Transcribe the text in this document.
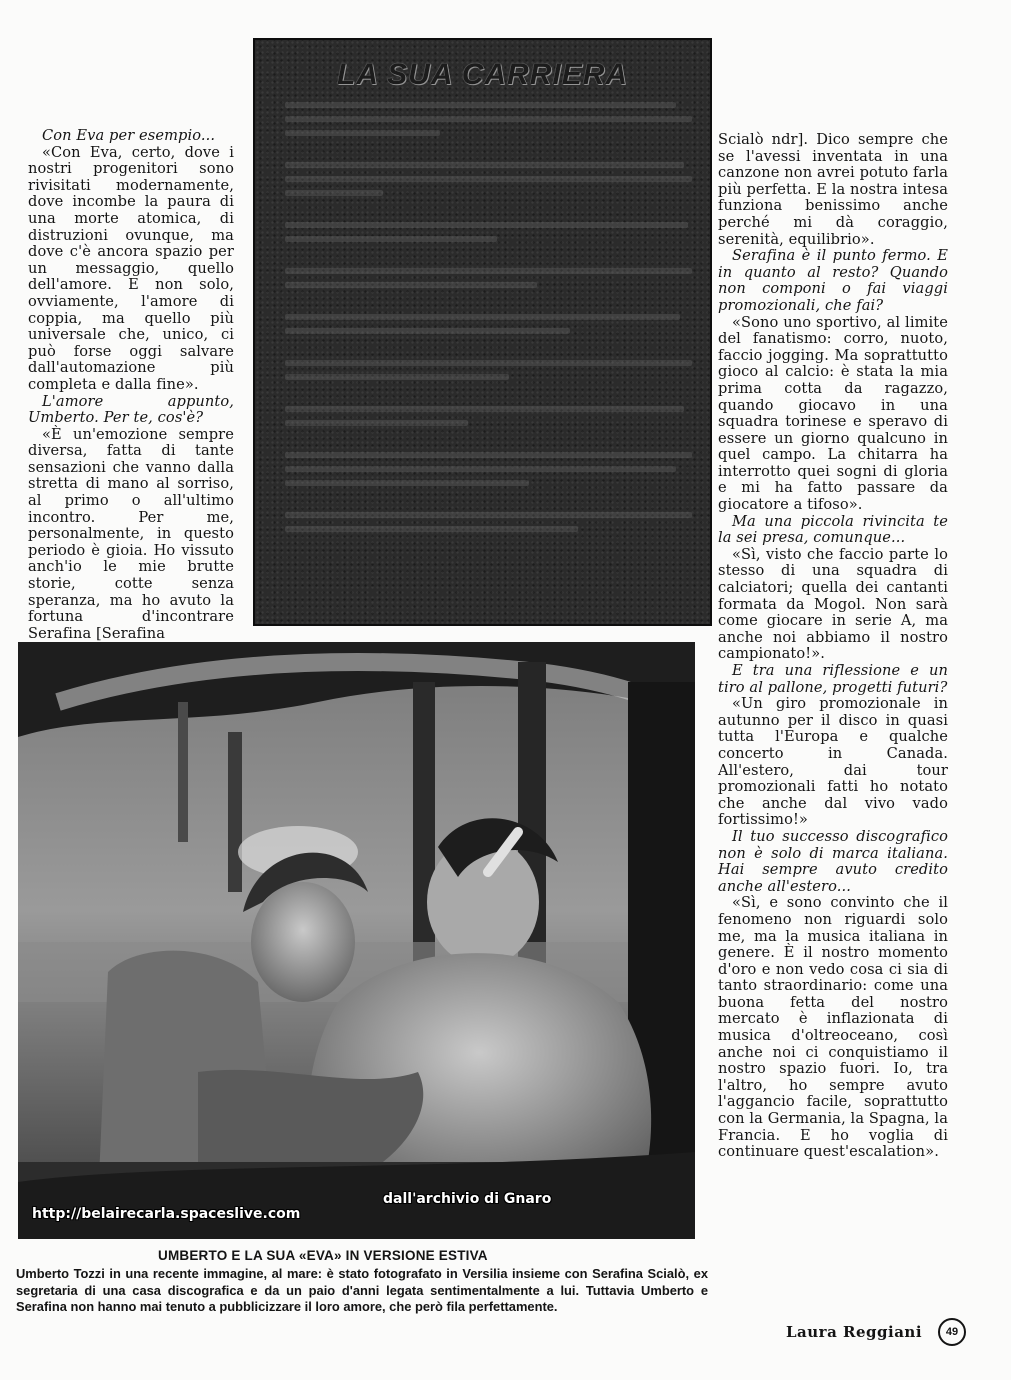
Con Eva per esempio...

«Con Eva, certo, dove i nostri progenitori sono rivisitati modernamente, dove incombe la paura di una morte atomica, di distruzioni ovunque, ma dove c'è ancora spazio per un messaggio, quello dell'amore. E non solo, ovviamente, l'amore di coppia, ma quello più universale che, unico, ci può forse oggi salvare dall'automazione più completa e dalla fine».

L'amore appunto, Umberto. Per te, cos'è?

«È un'emozione sempre diversa, fatta di tante sensazioni che vanno dalla stretta di mano al sorriso, al primo o all'ultimo incontro. Per me, personalmente, in questo periodo è gioia. Ho vissuto anch'io le mie brutte storie, cotte senza speranza, ma ho avuto la fortuna d'incontrare Serafina [Serafina

LA SUA CARRIERA

Scialò ndr]. Dico sempre che se l'avessi inventata in una canzone non avrei potuto farla più perfetta. E la nostra intesa funziona benissimo anche perché mi dà coraggio, serenità, equilibrio».

Serafina è il punto fermo. E in quanto al resto? Quando non componi o fai viaggi promozionali, che fai?

«Sono uno sportivo, al limite del fanatismo: corro, nuoto, faccio jogging. Ma soprattutto gioco al calcio: è stata la mia prima cotta da ragazzo, quando giocavo in una squadra torinese e speravo di essere un giorno qualcuno in quel campo. La chitarra ha interrotto quei sogni di gloria e mi ha fatto passare da giocatore a tifoso».

Ma una piccola rivincita te la sei presa, comunque...

«Sì, visto che faccio parte lo stesso di una squadra di calciatori; quella dei cantanti formata da Mogol. Non sarà come giocare in serie A, ma anche noi abbiamo il nostro campionato!».

E tra una riflessione e un tiro al pallone, progetti futuri?

«Un giro promozionale in autunno per il disco in quasi tutta l'Europa e qualche concerto in Canada. All'estero, dai tour promozionali fatti ho notato che anche dal vivo vado fortissimo!»

Il tuo successo discografico non è solo di marca italiana. Hai sempre avuto credito anche all'estero...

«Sì, e sono convinto che il fenomeno non riguardi solo me, ma la musica italiana in genere. È il nostro momento d'oro e non vedo cosa ci sia di tanto straordinario: come una buona fetta del nostro mercato è inflazionata di musica d'oltreoceano, così anche noi ci conquistiamo il nostro spazio fuori. Io, tra l'altro, ho sempre avuto l'aggancio facile, soprattutto con la Germania, la Spagna, la Francia. E ho voglia di continuare quest'escalation».

dall'archivio di Gnaro
http://belairecarla.spaceslive.com
UMBERTO E LA SUA «EVA» IN VERSIONE ESTIVA
Umberto Tozzi in una recente immagine, al mare: è stato fotografato in Versilia insieme con Serafina Scialò, ex segretaria di una casa discografica e da un paio d'anni legata sentimentalmente a lui. Tuttavia Umberto e Serafina non hanno mai tenuto a pubblicizzare il loro amore, che però fila perfettamente.
Laura Reggiani	49
